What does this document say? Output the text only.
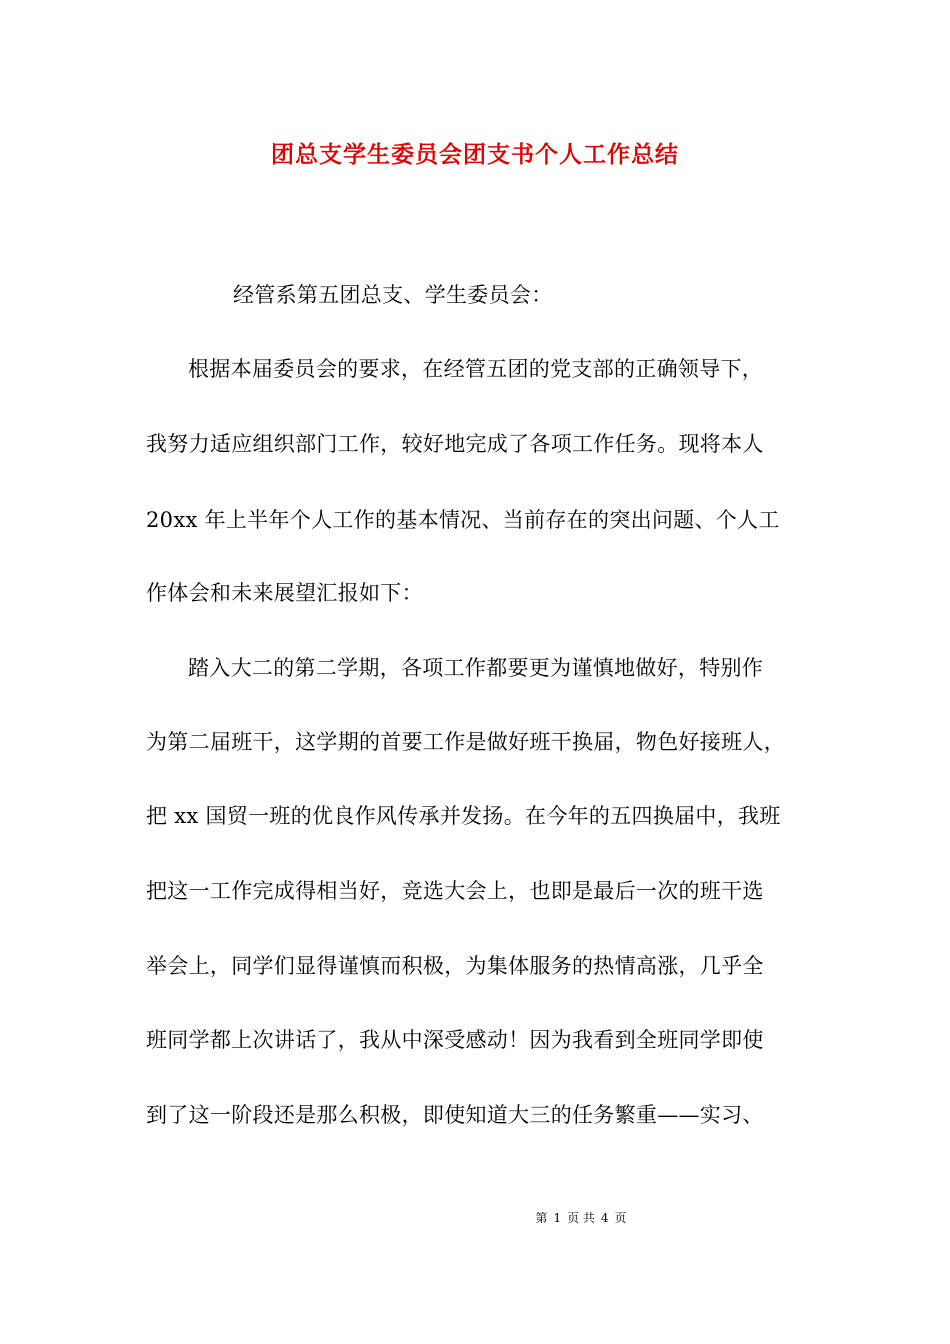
团总支学生委员会团支书个人工作总结
经管系第五团总支、学生委员会：
根据本届委员会的要求，在经管五团的党支部的正确领导下，
我努力适应组织部门工作，较好地完成了各项工作任务。现将本人
20xx 年上半年个人工作的基本情况、当前存在的突出问题、个人工
作体会和未来展望汇报如下：
踏入大二的第二学期，各项工作都要更为谨慎地做好，特别作
为第二届班干，这学期的首要工作是做好班干换届，物色好接班人，
把 xx 国贸一班的优良作风传承并发扬。在今年的五四换届中，我班
把这一工作完成得相当好，竞选大会上，也即是最后一次的班干选
举会上，同学们显得谨慎而积极，为集体服务的热情高涨，几乎全
班同学都上次讲话了，我从中深受感动！因为我看到全班同学即使
到了这一阶段还是那么积极，即使知道大三的任务繁重——实习、
第 1 页 共 4 页
